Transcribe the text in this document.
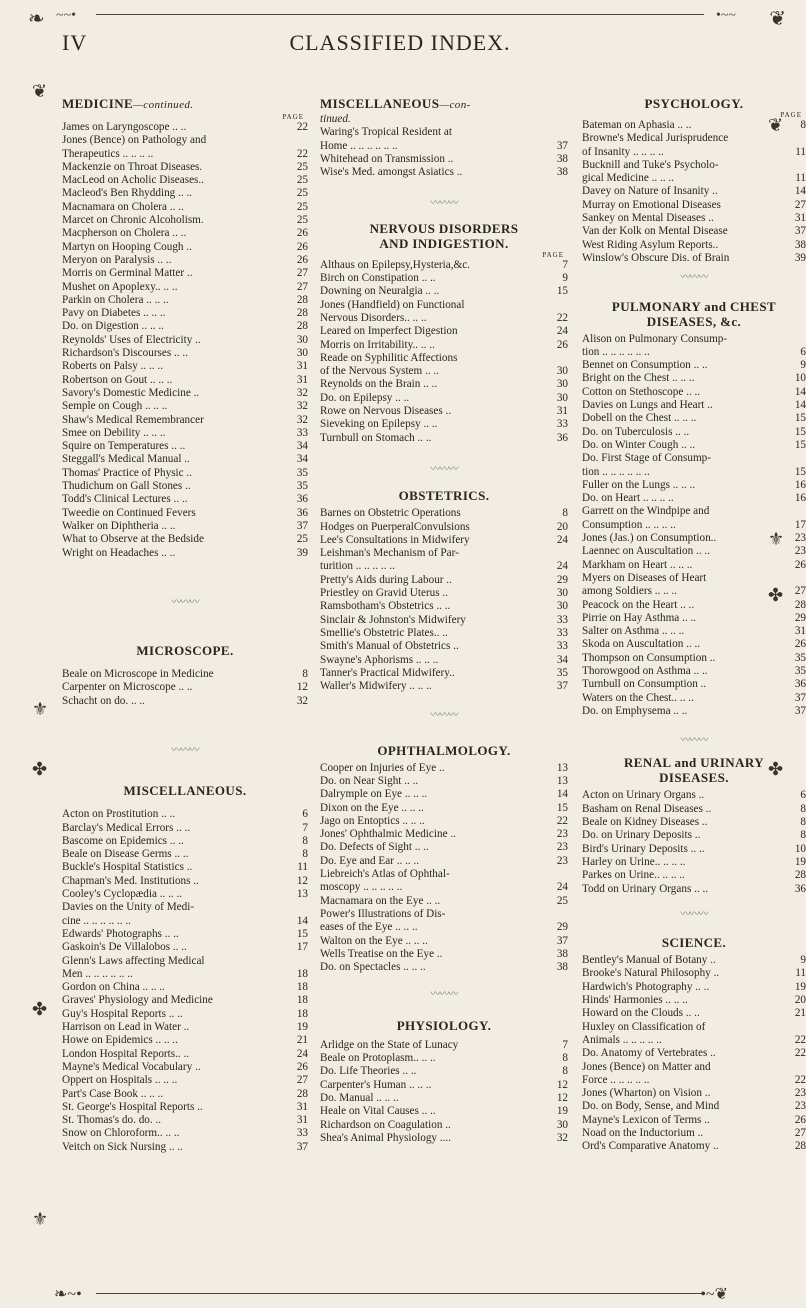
❧ ~~•	•~~ ❦
IV	CLASSIFIED INDEX.
❦
⚜
✤
✤
⚜
❦
⚜
✤
✤
MEDICINE—continued.
PAGE
James on Laryngoscope .. ..	22
Jones (Bence) on Pathology and
Therapeutics .. .. .. ..	22
Mackenzie on Throat Diseases.	25
MacLeod on Acholic Diseases..	25
Macleod's Ben Rhydding .. ..	25
Macnamara on Cholera .. ..	25
Marcet on Chronic Alcoholism.	25
Macpherson on Cholera .. ..	26
Martyn on Hooping Cough ..	26
Meryon on Paralysis .. ..	26
Morris on Germinal Matter ..	27
Mushet on Apoplexy.. .. ..	27
Parkin on Cholera .. .. ..	28
Pavy on Diabetes .. .. ..	28
Do. on Digestion .. .. ..	28
Reynolds' Uses of Electricity ..	30
Richardson's Discourses .. ..	30
Roberts on Palsy .. .. ..	31
Robertson on Gout .. .. ..	31
Savory's Domestic Medicine ..	32
Semple on Cough .. .. ..	32
Shaw's Medical Remembrancer	32
Smee on Debility .. .. ..	33
Squire on Temperatures .. ..	34
Steggall's Medical Manual ..	34
Thomas' Practice of Physic ..	35
Thudichum on Gall Stones ..	35
Todd's Clinical Lectures .. ..	36
Tweedie on Continued Fevers	36
Walker on Diphtheria .. ..	37
What to Observe at the Bedside	25
Wright on Headaches .. ..	39
〰〰〰
MICROSCOPE.
Beale on Microscope in Medicine	8
Carpenter on Microscope .. ..	12
Schacht on do. .. ..	32
〰〰〰
MISCELLANEOUS.
Acton on Prostitution .. ..	6
Barclay's Medical Errors .. ..	7
Bascome on Epidemics .. ..	8
Beale on Disease Germs .. ..	8
Buckle's Hospital Statistics ..	11
Chapman's Med. Institutions ..	12
Cooley's Cyclopædia .. .. ..	13
Davies on the Unity of Medi-
cine .. .. .. .. .. ..	14
Edwards' Photographs .. ..	15
Gaskoin's De Villalobos .. ..	17
Glenn's Laws affecting Medical
Men .. .. .. .. .. ..	18
Gordon on China .. .. ..	18
Graves' Physiology and Medicine	18
Guy's Hospital Reports .. ..	18
Harrison on Lead in Water ..	19
Howe on Epidemics .. .. ..	21
London Hospital Reports.. ..	24
Mayne's Medical Vocabulary ..	26
Oppert on Hospitals .. .. ..	27
Part's Case Book .. .. ..	28
St. George's Hospital Reports ..	31
St. Thomas's do. do. ..	31
Snow on Chloroform.. .. ..	33
Veitch on Sick Nursing .. ..	37
MISCELLANEOUS—con-
tinued.
Waring's Tropical Resident at
Home .. .. .. .. .. ..	37
Whitehead on Transmission ..	38
Wise's Med. amongst Asiatics ..	38
〰〰〰
NERVOUS DISORDERS
AND INDIGESTION.
PAGE
Althaus on Epilepsy,Hysteria,&c.	7
Birch on Constipation .. ..	9
Downing on Neuralgia .. ..	15
Jones (Handfield) on Functional
Nervous Disorders.. .. ..	22
Leared on Imperfect Digestion	24
Morris on Irritability.. .. ..	26
Reade on Syphilitic Affections
of the Nervous System .. ..	30
Reynolds on the Brain .. ..	30
Do. on Epilepsy .. ..	30
Rowe on Nervous Diseases ..	31
Sieveking on Epilepsy .. ..	33
Turnbull on Stomach .. ..	36
〰〰〰
OBSTETRICS.
Barnes on Obstetric Operations	8
Hodges on PuerperalConvulsions	20
Lee's Consultations in Midwifery	24
Leishman's Mechanism of Par-
turition .. .. .. .. ..	24
Pretty's Aids during Labour ..	29
Priestley on Gravid Uterus ..	30
Ramsbotham's Obstetrics .. ..	30
Sinclair & Johnston's Midwifery	33
Smellie's Obstetric Plates.. ..	33
Smith's Manual of Obstetrics ..	33
Swayne's Aphorisms .. .. ..	34
Tanner's Practical Midwifery..	35
Waller's Midwifery .. .. ..	37
〰〰〰
OPHTHALMOLOGY.
Cooper on Injuries of Eye ..	13
Do. on Near Sight .. ..	13
Dalrymple on Eye .. .. ..	14
Dixon on the Eye .. .. ..	15
Jago on Entoptics .. .. ..	22
Jones' Ophthalmic Medicine ..	23
Do. Defects of Sight .. ..	23
Do. Eye and Ear .. .. ..	23
Liebreich's Atlas of Ophthal-
moscopy .. .. .. .. ..	24
Macnamara on the Eye .. ..	25
Power's Illustrations of Dis-
eases of the Eye .. .. ..	29
Walton on the Eye .. .. ..	37
Wells Treatise on the Eye ..	38
Do. on Spectacles .. .. ..	38
〰〰〰
PHYSIOLOGY.
Arlidge on the State of Lunacy	7
Beale on Protoplasm.. .. ..	8
Do. Life Theories .. ..	8
Carpenter's Human .. .. ..	12
Do. Manual .. .. ..	12
Heale on Vital Causes .. ..	19
Richardson on Coagulation ..	30
Shea's Animal Physiology ....	32
PSYCHOLOGY.
PAGE
Bateman on Aphasia .. ..	8
Browne's Medical Jurisprudence
of Insanity .. .. .. ..	11
Bucknill and Tuke's Psycholo-
gical Medicine .. .. ..	11
Davey on Nature of Insanity ..	14
Murray on Emotional Diseases	27
Sankey on Mental Diseases ..	31
Van der Kolk on Mental Disease	37
West Riding Asylum Reports..	38
Winslow's Obscure Dis. of Brain	39
〰〰〰
PULMONARY and CHEST
DISEASES, &c.
Alison on Pulmonary Consump-
tion .. .. .. .. .. ..	6
Bennet on Consumption .. ..	9
Bright on the Chest .. .. ..	10
Cotton on Stethoscope .. ..	14
Davies on Lungs and Heart ..	14
Dobell on the Chest .. .. ..	15
Do. on Tuberculosis .. ..	15
Do. on Winter Cough .. ..	15
Do. First Stage of Consump-
tion .. .. .. .. .. ..	15
Fuller on the Lungs .. .. ..	16
Do. on Heart .. .. .. ..	16
Garrett on the Windpipe and
Consumption .. .. .. ..	17
Jones (Jas.) on Consumption..	23
Laennec on Auscultation .. ..	23
Markham on Heart .. .. ..	26
Myers on Diseases of Heart
among Soldiers .. .. ..	27
Peacock on the Heart .. ..	28
Pirrie on Hay Asthma .. ..	29
Salter on Asthma .. .. ..	31
Skoda on Auscultation .. ..	26
Thompson on Consumption ..	35
Thorowgood on Asthma .. ..	35
Turnbull on Consumption ..	36
Waters on the Chest.. .. ..	37
Do. on Emphysema .. ..	37
〰〰〰
RENAL and URINARY
DISEASES.
Acton on Urinary Organs ..	6
Basham on Renal Diseases ..	8
Beale on Kidney Diseases ..	8
Do. on Urinary Deposits ..	8
Bird's Urinary Deposits .. ..	10
Harley on Urine.. .. .. ..	19
Parkes on Urine.. .. .. ..	28
Todd on Urinary Organs .. ..	36
〰〰〰
SCIENCE.
Bentley's Manual of Botany ..	9
Brooke's Natural Philosophy ..	11
Hardwich's Photography .. ..	19
Hinds' Harmonies .. .. ..	20
Howard on the Clouds .. ..	21
Huxley on Classification of
Animals .. .. .. .. ..	22
Do. Anatomy of Vertebrates ..	22
Jones (Bence) on Matter and
Force .. .. .. .. ..	22
Jones (Wharton) on Vision ..	23
Do. on Body, Sense, and Mind	23
Mayne's Lexicon of Terms ..	26
Noad on the Inductorium ..	27
Ord's Comparative Anatomy ..	28
❧~•	•~❦
